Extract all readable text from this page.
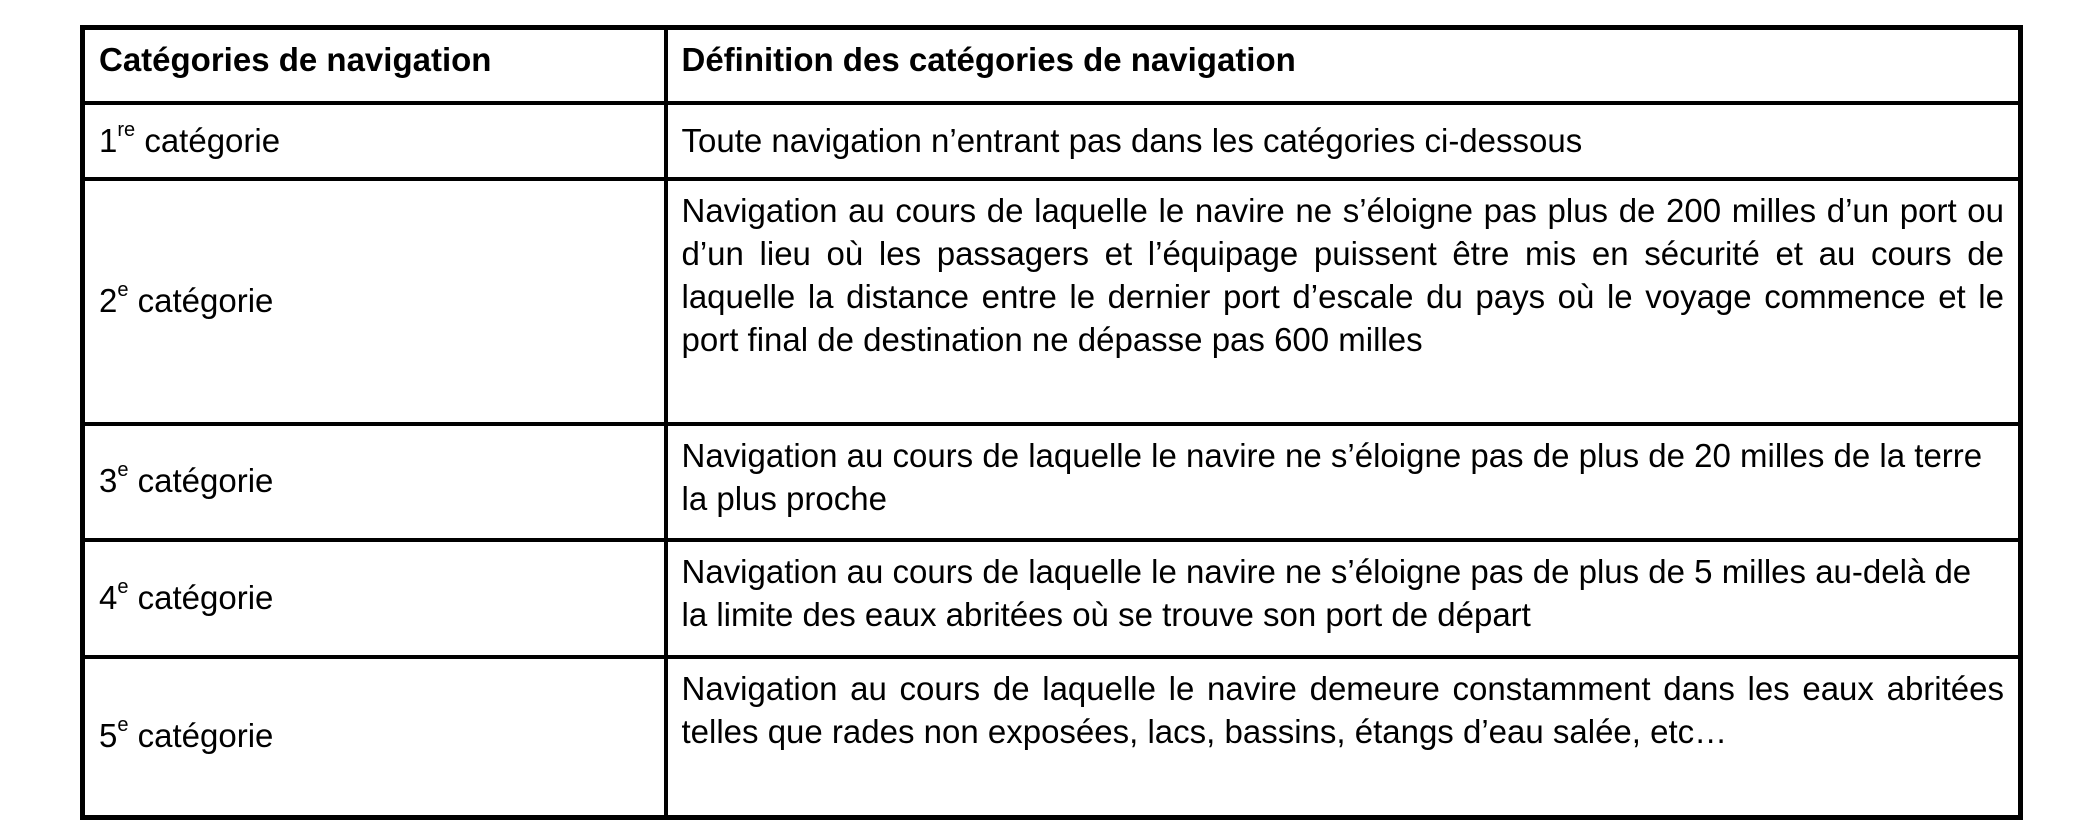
Catégories de navigation	Définition des catégories de navigation
1re catégorie	Toute navigation n’entrant pas dans les catégories ci-dessous
2e catégorie	Navigation au cours de laquelle le navire ne s’éloigne pas plus de 200 milles d’un port ou d’un lieu où les passagers et l’équipage puissent être mis en sécurité et au cours de laquelle la distance entre le dernier port d’escale du pays où le voyage commence et le port final de destination ne dépasse pas 600 milles
3e catégorie	Navigation au cours de laquelle le navire ne s’éloigne pas de plus de 20 milles de la terre la plus proche
4e catégorie	Navigation au cours de laquelle le navire ne s’éloigne pas de plus de 5 milles au-delà de la limite des eaux abritées où se trouve son port de départ
5e catégorie	Navigation au cours de laquelle le navire demeure constamment dans les eaux abritées telles que rades non exposées, lacs, bassins, étangs d’eau salée, etc…
